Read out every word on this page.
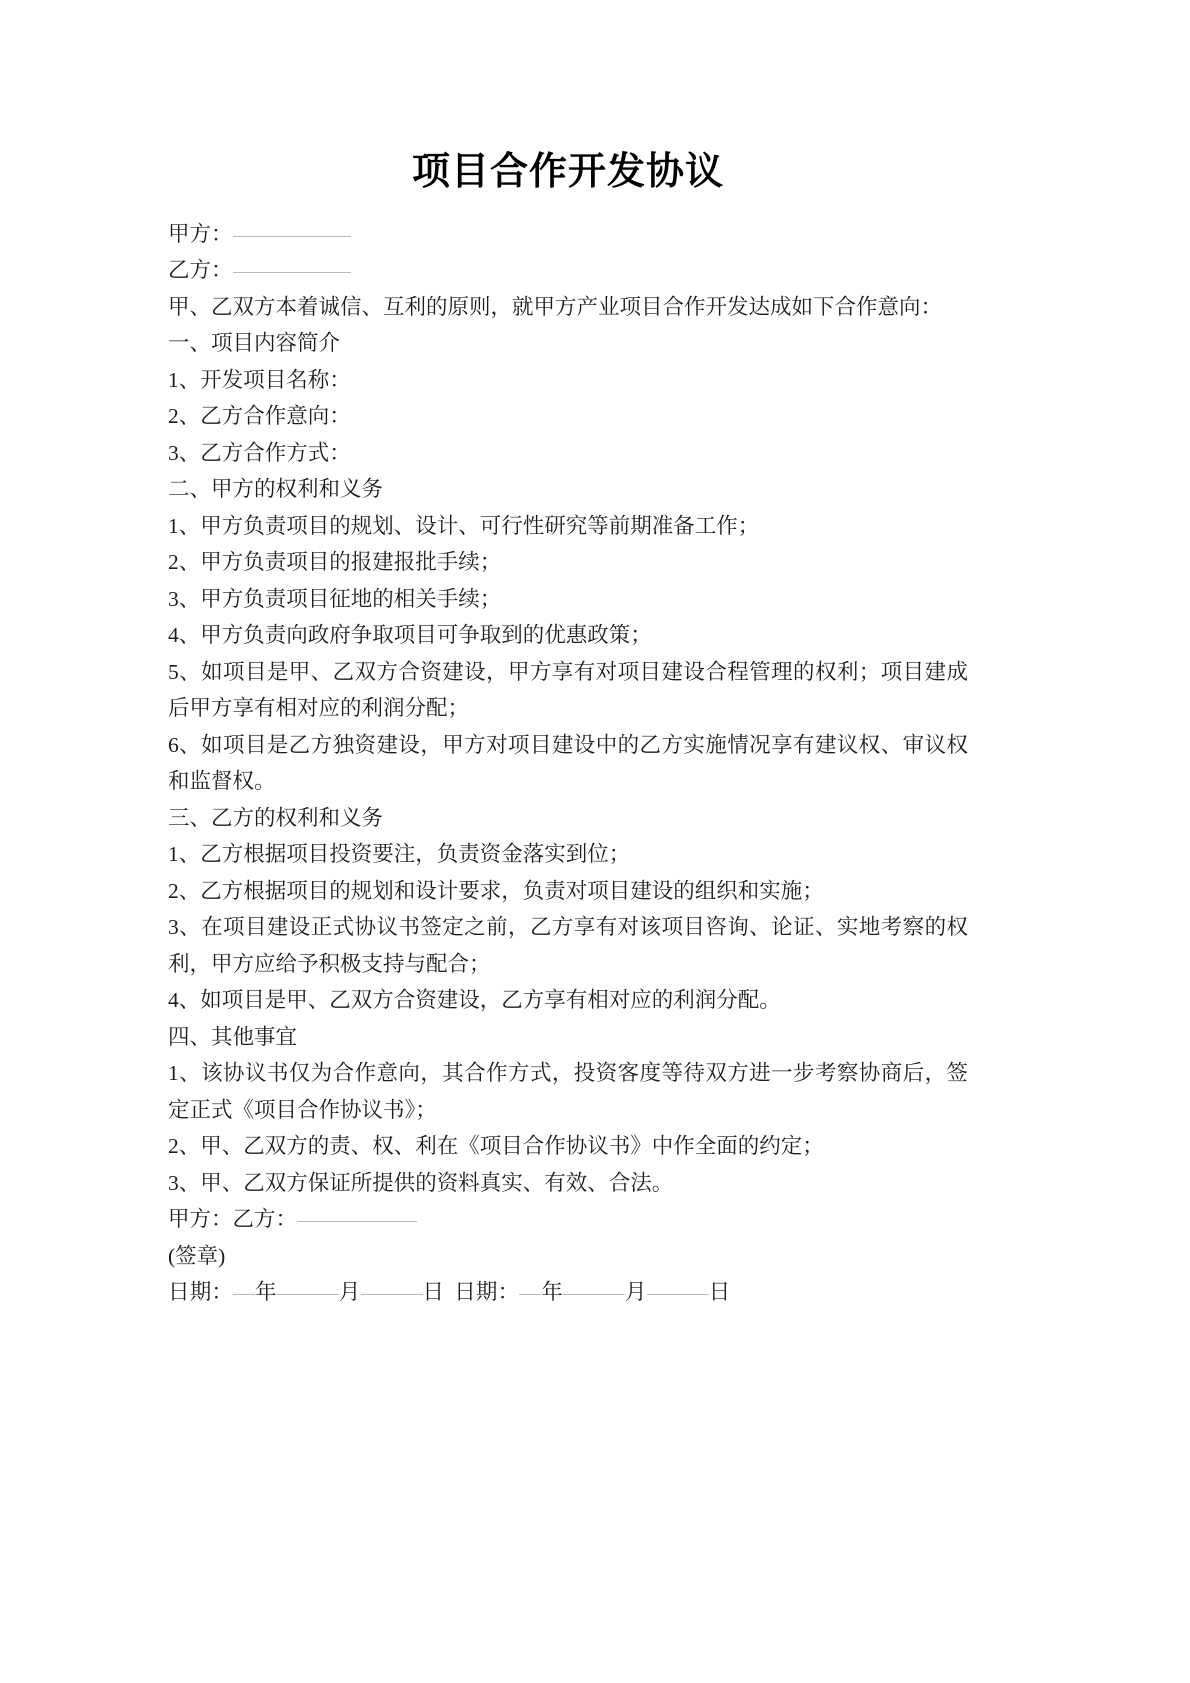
项目合作开发协议

甲方：

乙方：

甲、乙双方本着诚信、互利的原则，就甲方产业项目合作开发达成如下合作意向：

一、项目内容简介

1、开发项目名称：

2、乙方合作意向：

3、乙方合作方式：

二、甲方的权利和义务

1、甲方负责项目的规划、设计、可行性研究等前期准备工作；

2、甲方负责项目的报建报批手续；

3、甲方负责项目征地的相关手续；

4、甲方负责向政府争取项目可争取到的优惠政策；

5、如项目是甲、乙双方合资建设，甲方享有对项目建设合程管理的权利；项目建成后甲方享有相对应的利润分配；

6、如项目是乙方独资建设，甲方对项目建设中的乙方实施情况享有建议权、审议权和监督权。

三、乙方的权利和义务

1、乙方根据项目投资要注，负责资金落实到位；

2、乙方根据项目的规划和设计要求，负责对项目建设的组织和实施；

3、在项目建设正式协议书签定之前，乙方享有对该项目咨询、论证、实地考察的权利，甲方应给予积极支持与配合；

4、如项目是甲、乙双方合资建设，乙方享有相对应的利润分配。

四、其他事宜

1、该协议书仅为合作意向，其合作方式，投资客度等待双方进一步考察协商后，签定正式《项目合作协议书》；

2、甲、乙双方的责、权、利在《项目合作协议书》中作全面的约定；

3、甲、乙双方保证所提供的资料真实、有效、合法。

甲方：乙方：

(签章)

日期： 年	月	日 日期： 年	月	日
